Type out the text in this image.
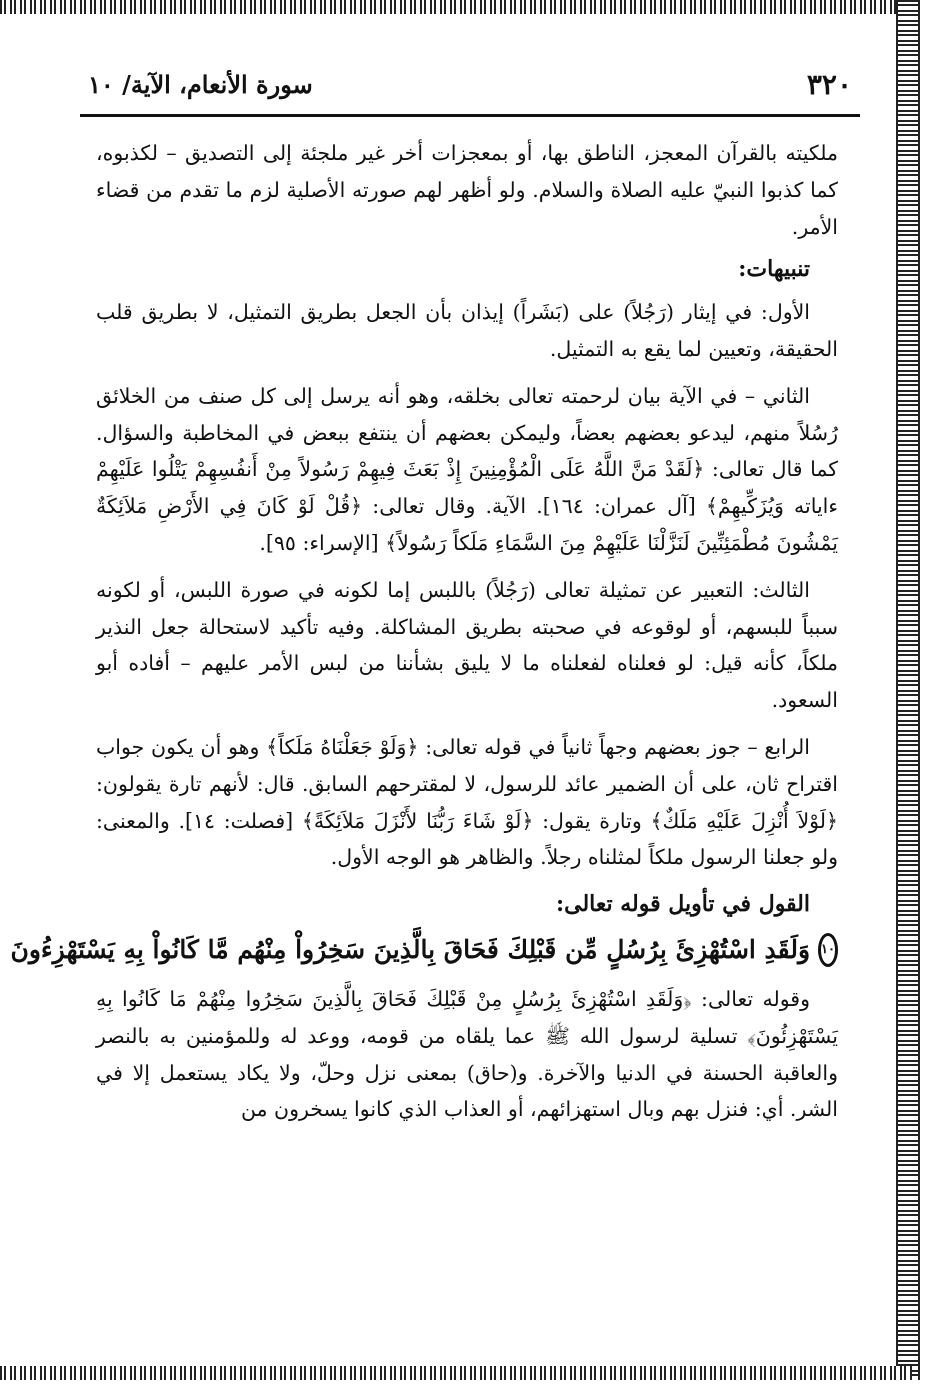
٣٢٠
سورة الأنعام، الآية/ ١٠

ملكيته بالقرآن المعجز، الناطق بها، أو بمعجزات أخر غير ملجئة إلى التصديق – لكذبوه، كما كذبوا النبيّ عليه الصلاة والسلام. ولو أظهر لهم صورته الأصلية لزم ما تقدم من قضاء الأمر.

تنبيهات:

الأول: في إيثار (رَجُلاً) على (بَشَراً) إيذان بأن الجعل بطريق التمثيل، لا بطريق قلب الحقيقة، وتعيين لما يقع به التمثيل.

الثاني – في الآية بيان لرحمته تعالى بخلقه، وهو أنه يرسل إلى كل صنف من الخلائق رُسُلاً منهم، ليدعو بعضهم بعضاً، وليمكن بعضهم أن ينتفع ببعض في المخاطبة والسؤال. كما قال تعالى: ﴿لَقَدْ مَنَّ اللَّهُ عَلَى الْمُؤْمِنِينَ إِذْ بَعَثَ فِيهِمْ رَسُولاً مِنْ أَنفُسِهِمْ يَتْلُوا عَلَيْهِمْ ءاياته وَيُزَكِّيهِمْ﴾ [آل عمران: ١٦٤]. الآية. وقال تعالى: ﴿قُلْ لَوْ كَانَ فِي الأَرْضِ مَلاَئِكَةٌ يَمْشُونَ مُطْمَئِنِّينَ لَنَزَّلْنَا عَلَيْهِمْ مِنَ السَّمَاءِ مَلَكاً رَسُولاً﴾ [الإسراء: ٩٥].

الثالث: التعبير عن تمثيلة تعالى (رَجُلاً) باللبس إما لكونه في صورة اللبس، أو لكونه سبباً للبسهم، أو لوقوعه في صحبته بطريق المشاكلة. وفيه تأكيد لاستحالة جعل النذير ملكاً، كأنه قيل: لو فعلناه لفعلناه ما لا يليق بشأننا من لبس الأمر عليهم – أفاده أبو السعود.

الرابع – جوز بعضهم وجهاً ثانياً في قوله تعالى: ﴿وَلَوْ جَعَلْنَاهُ مَلَكاً﴾ وهو أن يكون جواب اقتراح ثان، على أن الضمير عائد للرسول، لا لمقترحهم السابق. قال: لأنهم تارة يقولون: ﴿لَوْلاَ أُنْزِلَ عَلَيْهِ مَلَكٌ﴾ وتارة يقول: ﴿لَوْ شَاءَ رَبُّنَا لأَنْزَلَ مَلاَئِكَةً﴾ [فصلت: ١٤]. والمعنى: ولو جعلنا الرسول ملكاً لمثلناه رجلاً. والظاهر هو الوجه الأول.

القول في تأويل قوله تعالى:

١٠
وَلَقَدِ اسْتُهْزِئَ بِرُسُلٍ مِّن قَبْلِكَ فَحَاقَ بِالَّذِينَ سَخِرُواْ مِنْهُم مَّا كَانُواْ بِهِ يَسْتَهْزِءُونَ

وقوله تعالى: ﴿وَلَقَدِ اسْتُهْزِئَ بِرُسُلٍ مِنْ قَبْلِكَ فَحَاقَ بِالَّذِينَ سَخِرُوا مِنْهُمْ مَا كَانُوا بِهِ يَسْتَهْزِئُونَ﴾ تسلية لرسول الله ﷺ عما يلقاه من قومه، ووعد له وللمؤمنين به بالنصر والعاقبة الحسنة في الدنيا والآخرة. و(حاق) بمعنى نزل وحلّ، ولا يكاد يستعمل إلا في الشر. أي: فنزل بهم وبال استهزائهم، أو العذاب الذي كانوا يسخرون من
